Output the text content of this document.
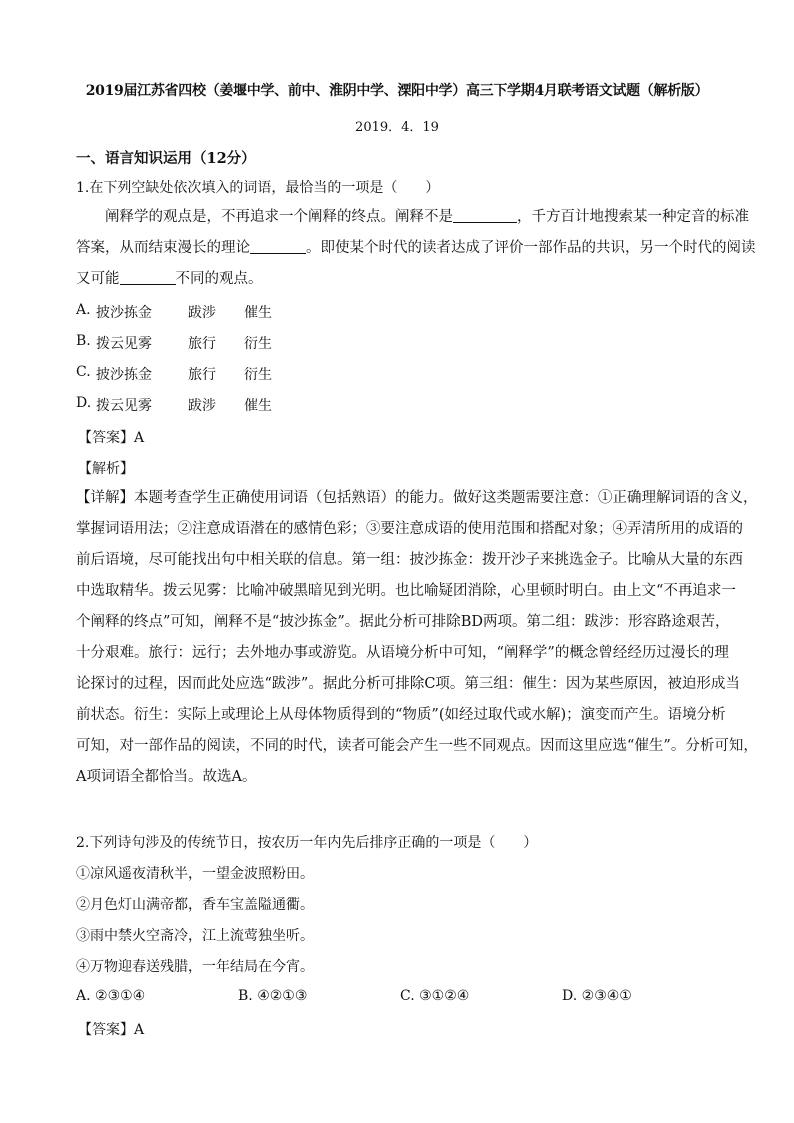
2019届江苏省四校（姜堰中学、前中、淮阴中学、溧阳中学）高三下学期4月联考语文试题（解析版）
2019．4．19
一、语言知识运用（12分）
1.在下列空缺处依次填入的词语，最恰当的一项是（　　）
阐释学的观点是，不再追求一个阐释的终点。阐释不是	，千方百计地搜索某一种定音的标准
答案，从而结束漫长的理论	。即使某个时代的读者达成了评价一部作品的共识，另一个时代的阅读
又可能	不同的观点。
A. 披沙拣金	跋涉 催生
B. 拨云见雾	旅行 衍生
C. 披沙拣金	旅行 衍生
D. 拨云见雾	跋涉 催生
【答案】A
【解析】
【详解】本题考查学生正确使用词语（包括熟语）的能力。做好这类题需要注意：①正确理解词语的含义，
掌握词语用法；②注意成语潜在的感情色彩；③要注意成语的使用范围和搭配对象；④弄清所用的成语的
前后语境，尽可能找出句中相关联的信息。第一组：披沙拣金：拨开沙子来挑选金子。比喻从大量的东西
中选取精华。拨云见雾：比喻冲破黑暗见到光明。也比喻疑团消除，心里顿时明白。由上文“不再追求一
个阐释的终点”可知，阐释不是“披沙拣金”。据此分析可排除BD两项。第二组：跋涉：形容路途艰苦，
十分艰难。旅行：远行；去外地办事或游览。从语境分析中可知，“阐释学”的概念曾经经历过漫长的理
论探讨的过程，因而此处应选“跋涉”。据此分析可排除C项。第三组：催生：因为某些原因，被迫形成当
前状态。衍生：实际上或理论上从母体物质得到的“物质”(如经过取代或水解)；演变而产生。语境分析
可知，对一部作品的阅读，不同的时代，读者可能会产生一些不同观点。因而这里应选“催生”。分析可知，
A项词语全都恰当。故选A。
2.下列诗句涉及的传统节日，按农历一年内先后排序正确的一项是（　　）
①凉风遥夜清秋半，一望金波照粉田。
②月色灯山满帝都，香车宝盖隘通衢。
③雨中禁火空斋冷，江上流莺独坐听。
④万物迎春送残腊，一年结局在今宵。
A. ②③①④	B. ④②①③	C. ③①②④	D. ②③④①
【答案】A
